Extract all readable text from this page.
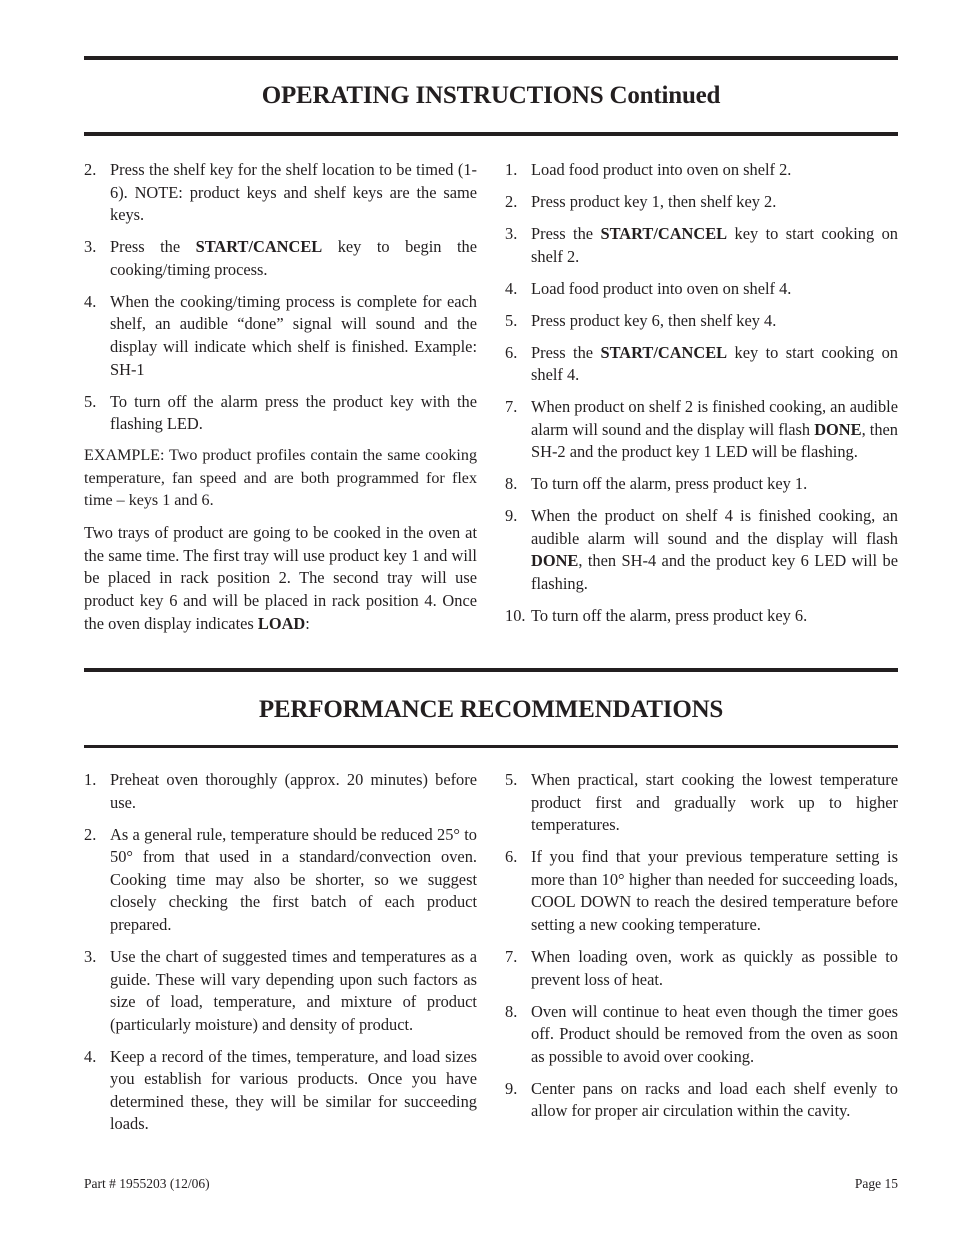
OPERATING INSTRUCTIONS Continued
2. Press the shelf key for the shelf location to be timed (1-6). NOTE: product keys and shelf keys are the same keys.
3. Press the START/CANCEL key to begin the cooking/timing process.
4. When the cooking/timing process is complete for each shelf, an audible “done” signal will sound and the display will indicate which shelf is finished. Example: SH-1
5. To turn off the alarm press the product key with the flashing LED.

EXAMPLE: Two product profiles contain the same cooking temperature, fan speed and are both programmed for flex time – keys 1 and 6.

Two trays of product are going to be cooked in the oven at the same time. The first tray will use product key 1 and will be placed in rack position 2. The second tray will use product key 6 and will be placed in rack position 4. Once the oven display indicates LOAD:

1. Load food product into oven on shelf 2.
2. Press product key 1, then shelf key 2.
3. Press the START/CANCEL key to start cooking on shelf 2.
4. Load food product into oven on shelf 4.
5. Press product key 6, then shelf key 4.
6. Press the START/CANCEL key to start cooking on shelf 4.
7. When product on shelf 2 is finished cooking, an audible alarm will sound and the display will flash DONE, then SH-2 and the product key 1 LED will be flashing.
8. To turn off the alarm, press product key 1.
9. When the product on shelf 4 is finished cooking, an audible alarm will sound and the display will flash DONE, then SH-4 and the product key 6 LED will be flashing.
10. To turn off the alarm, press product key 6.
PERFORMANCE RECOMMENDATIONS
1. Preheat oven thoroughly (approx. 20 minutes) before use.
2. As a general rule, temperature should be reduced 25° to 50° from that used in a standard/convection oven. Cooking time may also be shorter, so we suggest closely checking the first batch of each product prepared.
3. Use the chart of suggested times and temperatures as a guide. These will vary depending upon such factors as size of load, temperature, and mixture of product (particularly moisture) and density of product.
4. Keep a record of the times, temperature, and load sizes you establish for various products. Once you have determined these, they will be similar for succeeding loads.
5. When practical, start cooking the lowest temperature product first and gradually work up to higher temperatures.
6. If you find that your previous temperature setting is more than 10° higher than needed for succeeding loads, COOL DOWN to reach the desired temperature before setting a new cooking temperature.
7. When loading oven, work as quickly as possible to prevent loss of heat.
8. Oven will continue to heat even though the timer goes off. Product should be removed from the oven as soon as possible to avoid over cooking.
9. Center pans on racks and load each shelf evenly to allow for proper air circulation within the cavity.
Part # 1955203 (12/06)	Page 15
